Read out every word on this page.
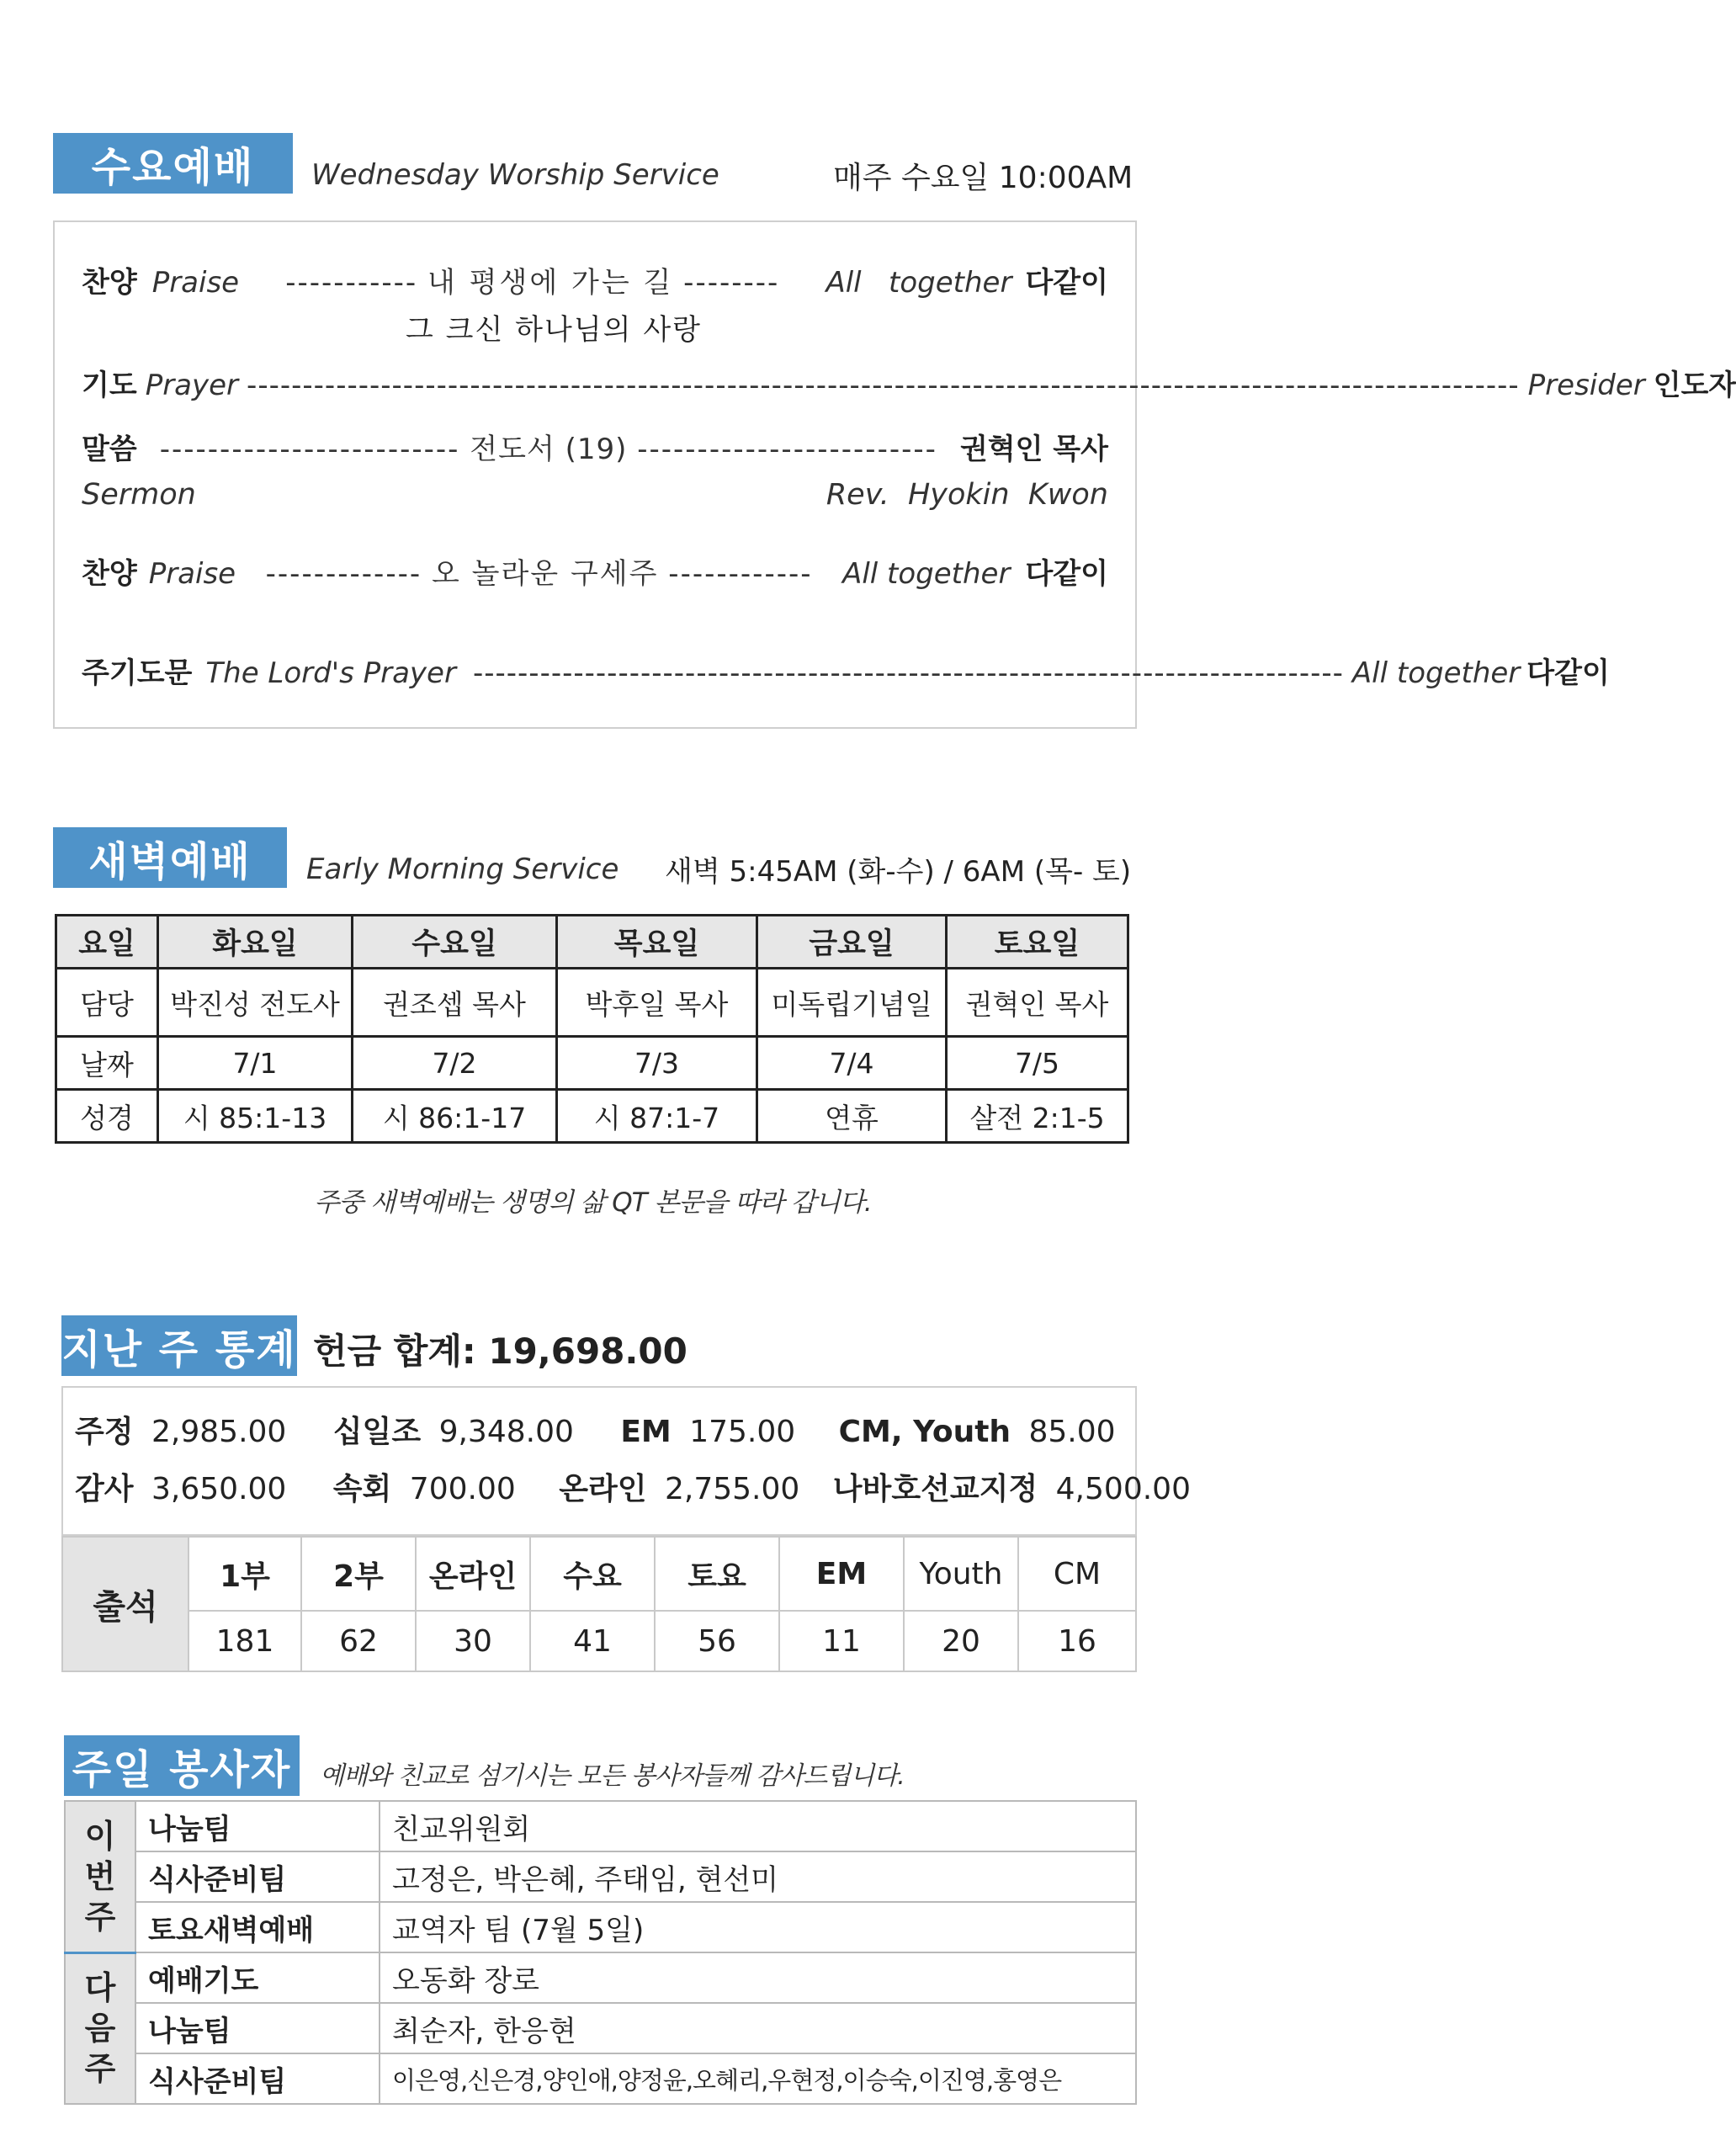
수요예배	Wednesday Worship Service	매주 수요일 10:00AM
찬양 Praise	----------- 내 평생에 가는 길 --------	All   together 다같이
그 크신 하나님의 사랑
기도 Prayer ------------------------------------------------------------------------------------------------------------------ Presider 인도자
말씀 ------------------------- 전도서 (19) ------------------------- 권혁인 목사
Sermon	Rev.  Hyokin  Kwon
찬양 Praise	------------- 오 놀라운 구세주 ------------	All together 다같이
주기도문 The Lord's Prayer ------------------------------------------------------------------------------ All together 다같이
새벽예배	Early Morning Service 새벽 5:45AM (화-수) / 6AM (목- 토)
요일	화요일	수요일	목요일	금요일	토요일
담당	박진성 전도사	권조셉 목사	박후일 목사	미독립기념일	권혁인 목사
날짜	7/1	7/2	7/3	7/4	7/5
성경	시 85:1-13	시 86:1-17	시 87:1-7	연휴	살전 2:1-5
주중 새벽예배는 생명의 삶 QT 본문을 따라 갑니다.
지난 주 통계 헌금 합계: 19,698.00
주정 2,985.00 십일조 9,348.00 EM 175.00 CM, Youth 85.00
감사 3,650.00 속회 700.00 온라인 2,755.00 나바호선교지정 4,500.00
출석	1부	2부	온라인	수요	토요	EM	Youth	CM
	181	62	30	41	56	11	20	16
주일 봉사자	예배와 친교로 섬기시는 모든 봉사자들께 감사드립니다.
이번주	나눔팀	친교위원회
	식사준비팀	고정은, 박은혜, 주태임, 현선미
	토요새벽예배	교역자 팀 (7월 5일)
다음주	예배기도	오동화 장로
	나눔팀	최순자, 한응현
	식사준비팀	이은영,신은경,양인애,양정윤,오혜리,우현정,이승숙,이진영,홍영은
